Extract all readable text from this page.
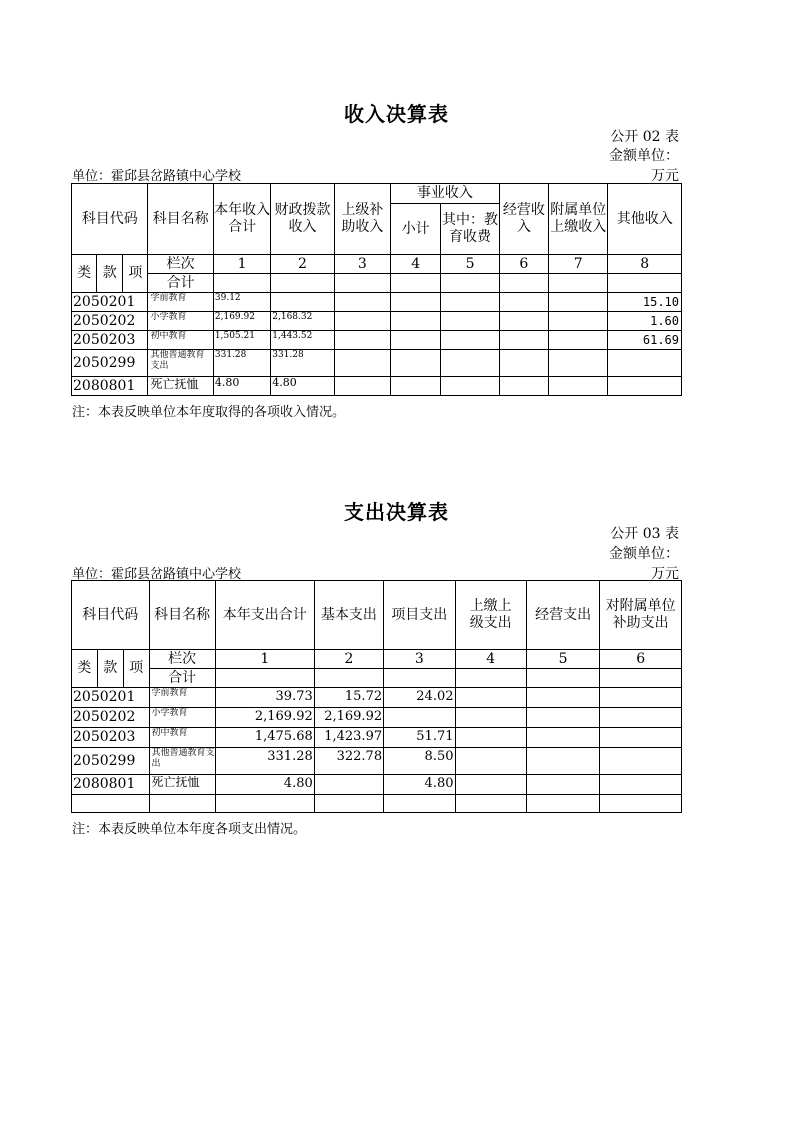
收入决算表
公开 02 表
金额单位：
单位：霍邱县岔路镇中心学校	万元
科目代码			科目名称	本年收入合计	财政拨款收入	上级补助收入	事业收入		经营收入	附属单位上缴收入	其他收入
							小计	其中：教育收费			
类	款	项	栏次	1	2	3	4	5	6	7	8
			合计								
2050201			学前教育	39.12							15.10
2050202			小学教育	2,169.92	2,168.32						1.60
2050203			初中教育	1,505.21	1,443.52						61.69
2050299			其他普通教育支出	331.28	331.28						
2080801			死亡抚恤	4.80	4.80						
注：本表反映单位本年度取得的各项收入情况。
支出决算表
公开 03 表
金额单位：
单位：霍邱县岔路镇中心学校	万元
科目代码			科目名称	本年支出合计	基本支出	项目支出	上缴上级支出	经营支出	对附属单位补助支出
类	款	项	栏次	1	2	3	4	5	6
			合计						
2050201			学前教育	39.73	15.72	24.02			
2050202			小学教育	2,169.92	2,169.92				
2050203			初中教育	1,475.68	1,423.97	51.71			
2050299			其他普通教育支出	331.28	322.78	8.50			
2080801			死亡抚恤	4.80		4.80			

注：本表反映单位本年度各项支出情况。
